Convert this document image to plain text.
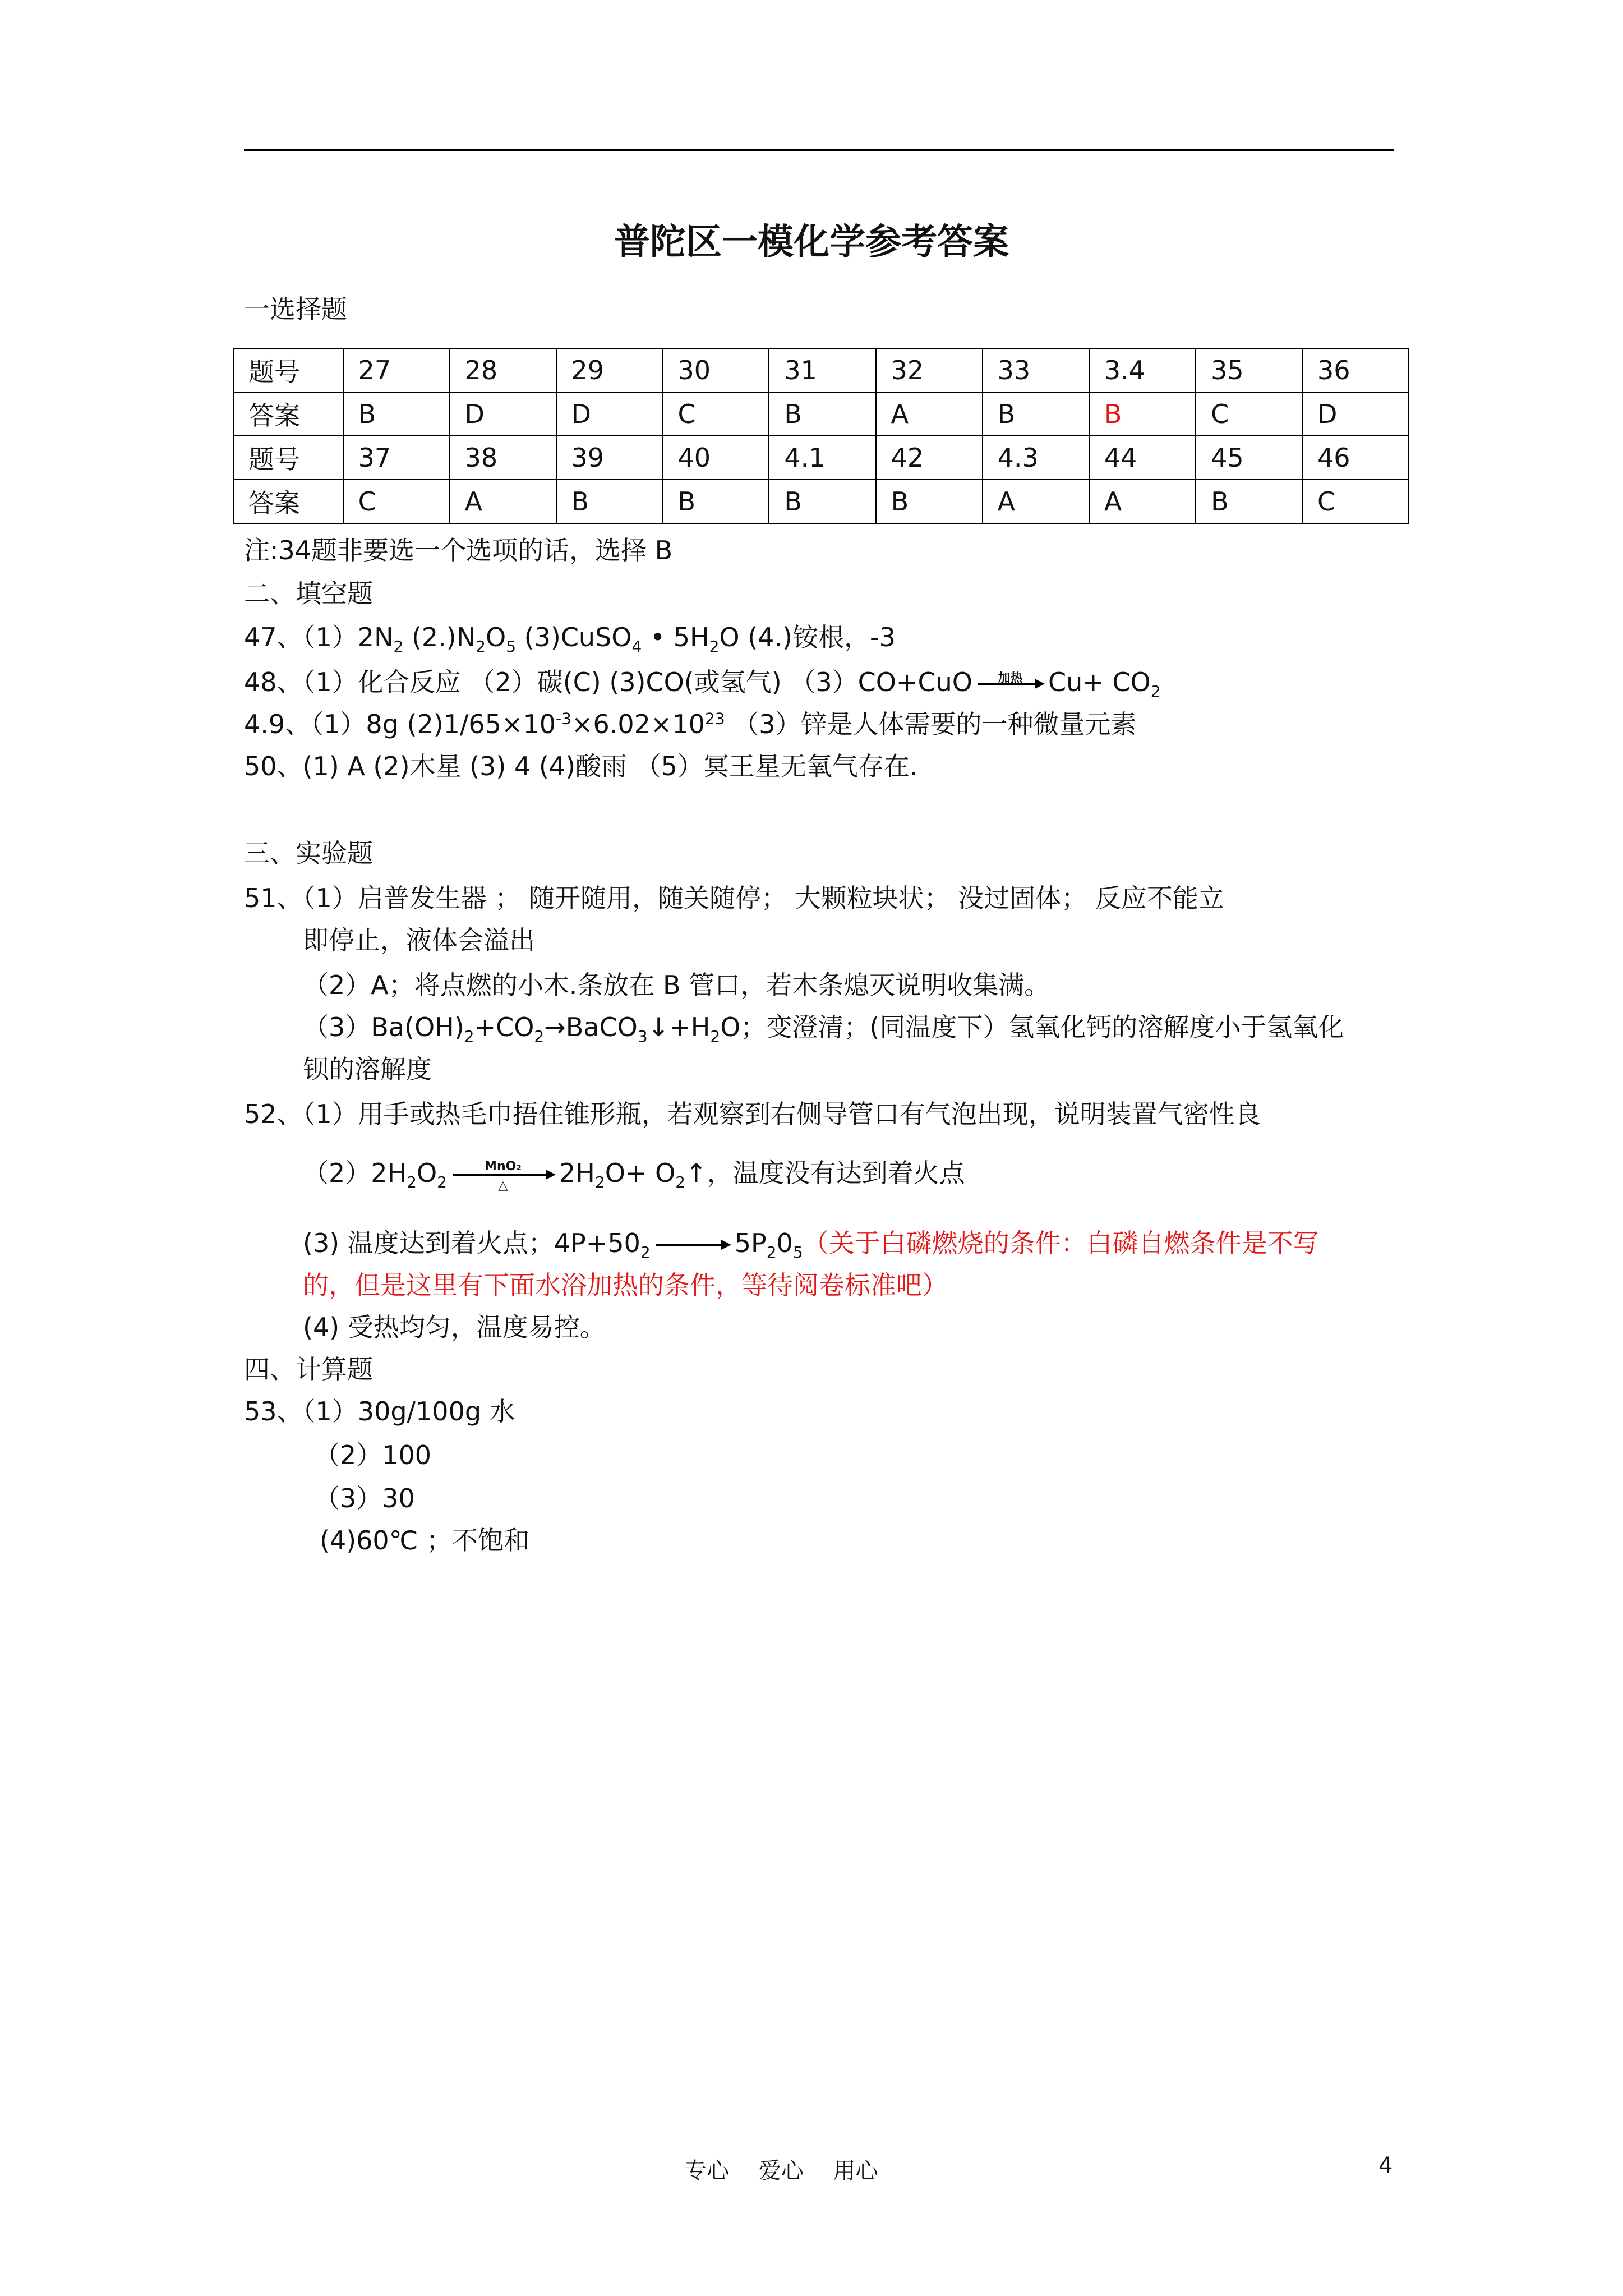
普陀区一模化学参考答案
一选择题
题号	27	28	29	30	31	32	33	3.4	35	36
答案	B	D	D	C	B	A	B	B	C	D
题号	37	38	39	40	4.1	42	4.3	44	45	46
答案	C	A	B	B	B	B	A	A	B	C
注:34题非要选一个选项的话，选择 B
二、填空题
47、$(1)2N_2$ $(2.)N_2O_5$ (3)CuSO$_4$ • $5H_2O$ (4.)铵根，-3
48、（1）化合反应 （2）碳(C) (3)CO(或氢气) （3）CO+CuO	加热 $Cu+ CO_2$
4.9、（1）8g $(2)1/65\times 10^{-3}\times 6.02\times 10^{23}$ （3）锌是人体需要的一种微量元素
50、(1) A (2)木星 (3) 4 (4)酸雨 （5）冥王星无氧气存在.
三、实验题
51、（1）启普发生器 ； 随开随用，随关随停； 大颗粒块状； 没过固体； 反应不能立
即停止，液体会溢出
（2）A；将点燃的小木.条放在 B 管口，若木条熄灭说明收集满。
$(3)Ba(OH)_2+CO_2\to BaCO_3↓+H_2O$；变澄清；(同温度下）氢氧化钙的溶解度小于氢氧化
钡的溶解度
52、（1）用手或热毛巾捂住锥形瓶，若观察到右侧导管口有气泡出现，说明装置气密性良
$(2)2H_2O_2$
MnO₂
△	$2H_2O+$ $O_2↑$，温度没有达到着火点
(3) 温度达到着火点；$4P+50_2$	$5P_20_5$（关于白磷燃烧的条件：白磷自燃条件是不写
的，但是这里有下面水浴加热的条件，等待阅卷标准吧）
(4) 受热均匀，温度易控。
四、计算题
53、（1）30g/100g 水
（2）100
（3）30
(4)60℃ ；不饱和
专心 爱心 用心	4
